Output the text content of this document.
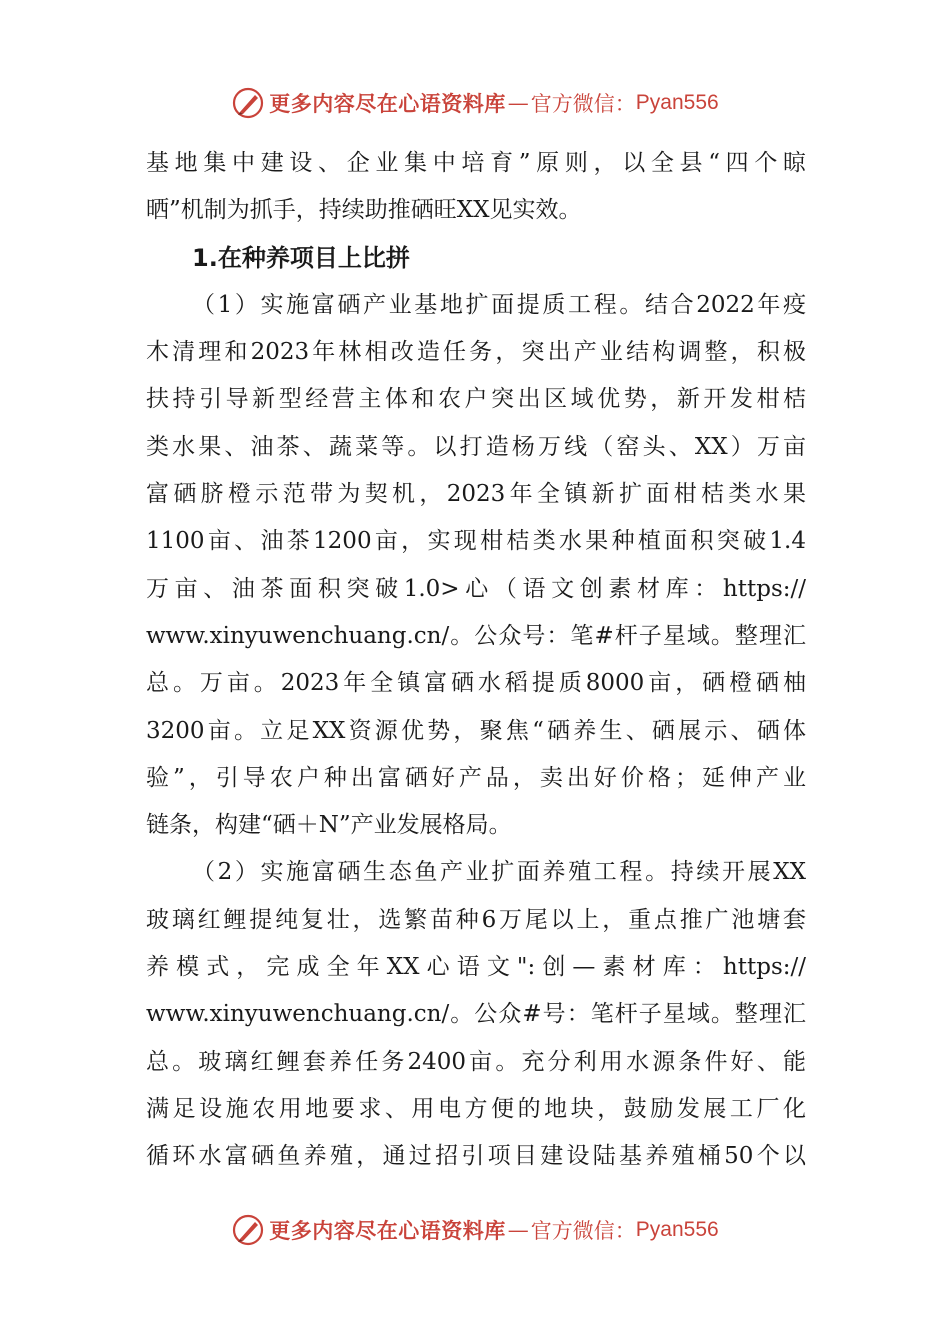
更多内容尽在心语资料库 — 官方微信： Pyan556
基地集中建设、企业集中培育”原则，以全县“四个晾
晒”机制为抓手，持续助推硒旺XX见实效。
1.在种养项目上比拼
（1）实施富硒产业基地扩面提质工程。结合2022年疫
木清理和2023年林相改造任务，突出产业结构调整，积极
扶持引导新型经营主体和农户突出区域优势，新开发柑桔
类水果、油茶、蔬菜等。以打造杨万线（窑头、XX）万亩
富硒脐橙示范带为契机，2023年全镇新扩面柑桔类水果
1100亩、油茶1200亩，实现柑桔类水果种植面积突破1.4
万亩、油茶面积突破1.0>心（语文创素材库：https://
www.xinyuwenchuang.cn/。公众号：笔#杆子星域。整理汇
总。万亩。2023年全镇富硒水稻提质8000亩，硒橙硒柚
3200亩。立足XX资源优势，聚焦“硒养生、硒展示、硒体
验”，引导农户种出富硒好产品，卖出好价格；延伸产业
链条，构建“硒＋N”产业发展格局。
（2）实施富硒生态鱼产业扩面养殖工程。持续开展XX
玻璃红鲤提纯复壮，选繁苗种6万尾以上，重点推广池塘套
养模式，完成全年XX心语文":创—素材库：https://
www.xinyuwenchuang.cn/。公众#号：笔杆子星域。整理汇
总。玻璃红鲤套养任务2400亩。充分利用水源条件好、能
满足设施农用地要求、用电方便的地块，鼓励发展工厂化
循环水富硒鱼养殖，通过招引项目建设陆基养殖桶50个以
更多内容尽在心语资料库 — 官方微信： Pyan556
